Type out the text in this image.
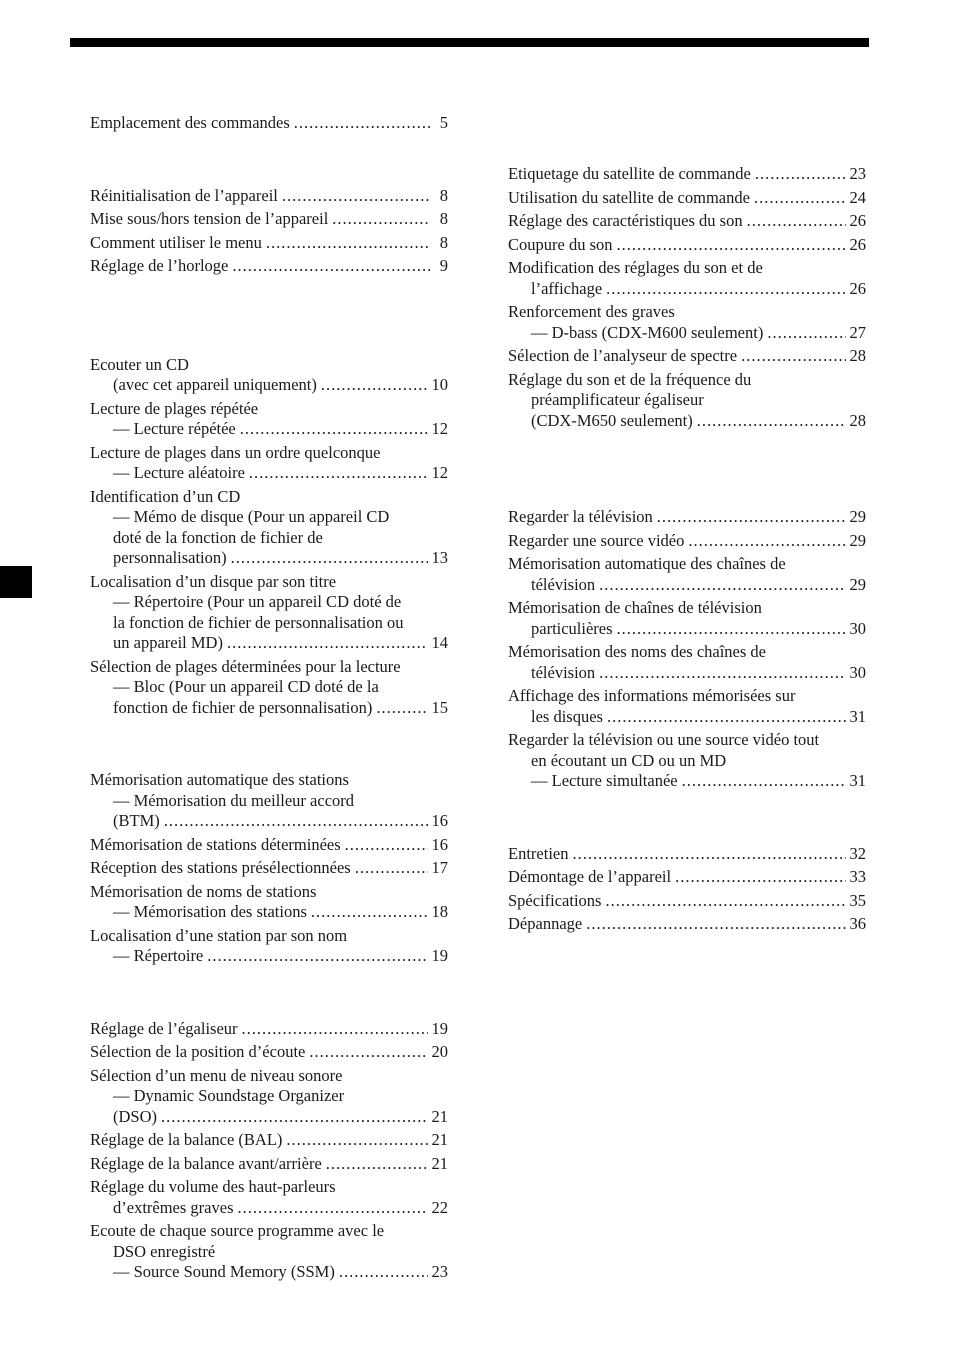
Emplacement des commandes .....	5
Réinitialisation de l’appareil .....	8
Mise sous/hors tension de l’appareil .....	8
Comment utiliser le menu .....	8
Réglage de l’horloge .....	9
Ecouter un CD
(avec cet appareil uniquement) .....	10
Lecture de plages répétée
— Lecture répétée .....	12
Lecture de plages dans un ordre quelconque
— Lecture aléatoire .....	12
Identification d’un CD
— Mémo de disque (Pour un appareil CD
doté de la fonction de fichier de
personnalisation) .....	13
Localisation d’un disque par son titre
— Répertoire (Pour un appareil CD doté de
la fonction de fichier de personnalisation ou
un appareil MD) .....	14
Sélection de plages déterminées pour la lecture
— Bloc (Pour un appareil CD doté de la
fonction de fichier de personnalisation) .....	15
Mémorisation automatique des stations
— Mémorisation du meilleur accord
(BTM) .....	16
Mémorisation de stations déterminées .....	16
Réception des stations présélectionnées .....	17
Mémorisation de noms de stations
— Mémorisation des stations .....	18
Localisation d’une station par son nom
— Répertoire .....	19
Réglage de l’égaliseur .....	19
Sélection de la position d’écoute .....	20
Sélection d’un menu de niveau sonore
— Dynamic Soundstage Organizer
(DSO) .....	21
Réglage de la balance (BAL) .....	21
Réglage de la balance avant/arrière .....	21
Réglage du volume des haut-parleurs
d’extrêmes graves .....	22
Ecoute de chaque source programme avec le
DSO enregistré
— Source Sound Memory (SSM) .....	23
Etiquetage du satellite de commande .....	23
Utilisation du satellite de commande .....	24
Réglage des caractéristiques du son .....	26
Coupure du son .....	26
Modification des réglages du son et de
l’affichage .....	26
Renforcement des graves
— D-bass (CDX-M600 seulement) .....	27
Sélection de l’analyseur de spectre .....	28
Réglage du son et de la fréquence du
préamplificateur égaliseur
(CDX-M650 seulement) .....	28
Regarder la télévision .....	29
Regarder une source vidéo .....	29
Mémorisation automatique des chaînes de
télévision .....	29
Mémorisation de chaînes de télévision
particulières .....	30
Mémorisation des noms des chaînes de
télévision .....	30
Affichage des informations mémorisées sur
les disques .....	31
Regarder la télévision ou une source vidéo tout
en écoutant un CD ou un MD
— Lecture simultanée .....	31
Entretien .....	32
Démontage de l’appareil .....	33
Spécifications .....	35
Dépannage .....	36
